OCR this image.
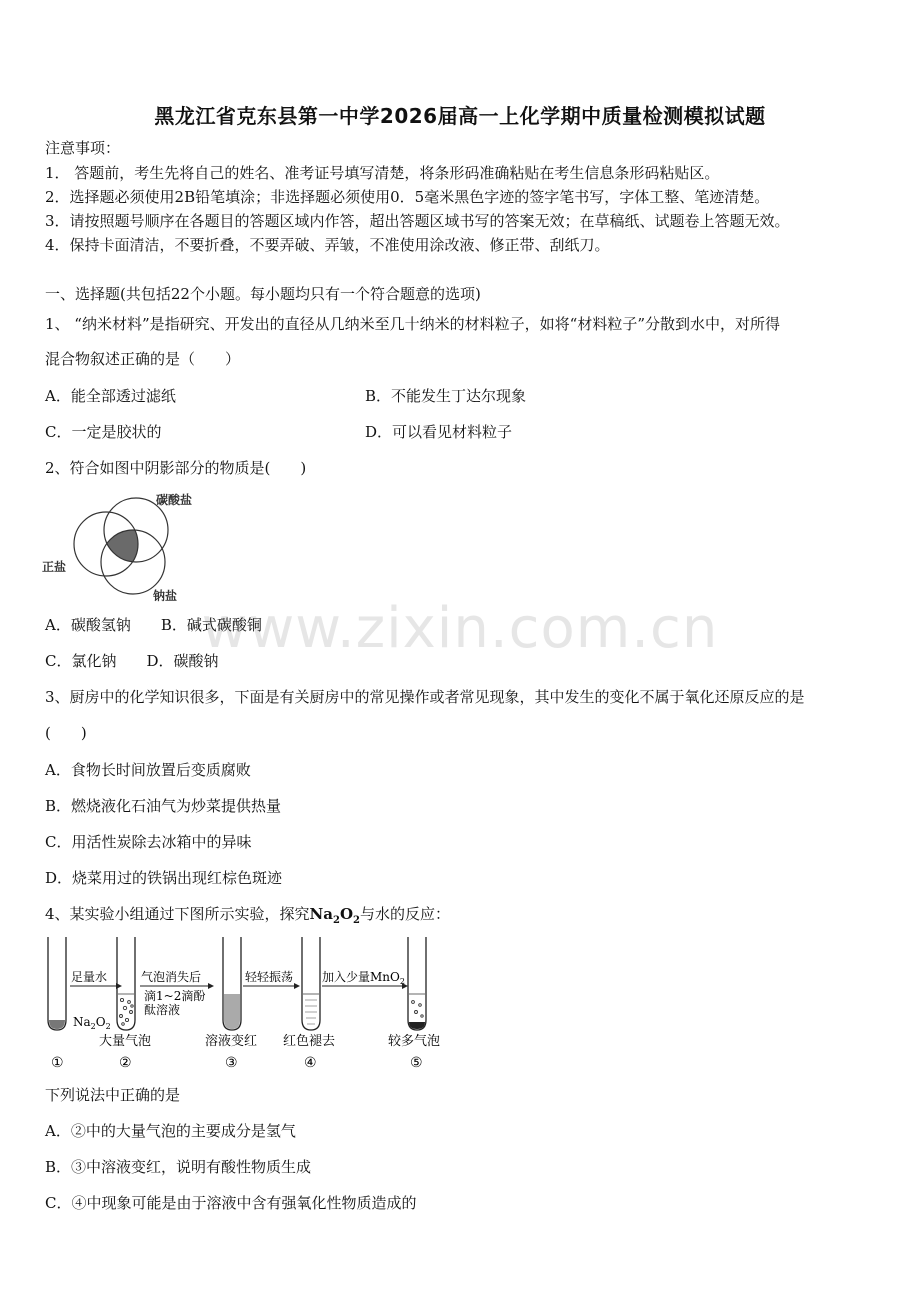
www.zixin.com.cn
黑龙江省克东县第一中学2026届高一上化学期中质量检测模拟试题
注意事项：
1． 答题前，考生先将自己的姓名、准考证号填写清楚，将条形码准确粘贴在考生信息条形码粘贴区。
2．选择题必须使用2B铅笔填涂；非选择题必须使用0．5毫米黑色字迹的签字笔书写，字体工整、笔迹清楚。
3．请按照题号顺序在各题目的答题区域内作答，超出答题区域书写的答案无效；在草稿纸、试题卷上答题无效。
4．保持卡面清洁，不要折叠，不要弄破、弄皱，不准使用涂改液、修正带、刮纸刀。
一、选择题(共包括22个小题。每小题均只有一个符合题意的选项)
1、 “纳米材料”是指研究、开发出的直径从几纳米至几十纳米的材料粒子，如将“材料粒子”分散到水中，对所得
混合物叙述正确的是（　　）
A．能全部透过滤纸	B．不能发生丁达尔现象
C．一定是胶状的	D．可以看见材料粒子
2、符合如图中阴影部分的物质是(　　)
碳酸盐
正盐
钠盐
A．碳酸氢钠　　B．碱式碳酸铜
C．氯化钠　　D．碳酸钠
3、厨房中的化学知识很多，下面是有关厨房中的常见操作或者常见现象，其中发生的变化不属于氧化还原反应的是
(　　)
A．食物长时间放置后变质腐败
B．燃烧液化石油气为炒菜提供热量
C．用活性炭除去冰箱中的异味
D．烧菜用过的铁锅出现红棕色斑迹
4、某实验小组通过下图所示实验，探究$Na_2O_2$与水的反应：
$Na_2O_2$
足量水	气泡消失后
滴1~2滴酚
酞溶液
轻轻振荡 加入少量MnO$_2$
大量气泡	溶液变红 红色褪去	较多气泡
①	②	③	④	⑤
下列说法中正确的是
A．②中的大量气泡的主要成分是氢气
B．③中溶液变红，说明有酸性物质生成
C．④中现象可能是由于溶液中含有强氧化性物质造成的
